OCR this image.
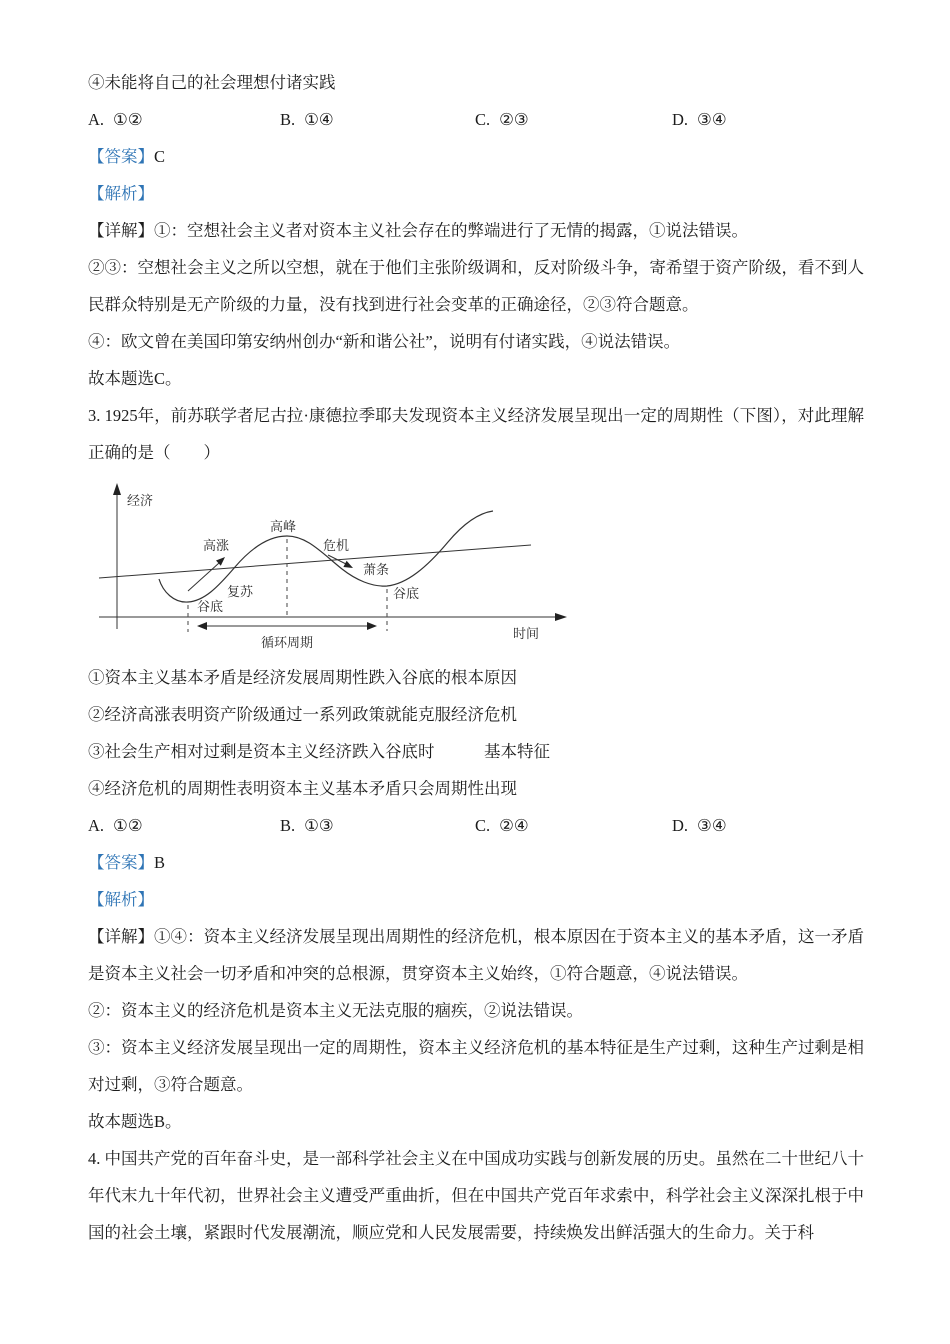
④未能将自己的社会理想付诸实践

A. ①②	B. ①④	C. ②③	D. ③④

【答案】C

【解析】

【详解】①：空想社会主义者对资本主义社会存在的弊端进行了无情的揭露，①说法错误。

②③：空想社会主义之所以空想，就在于他们主张阶级调和，反对阶级斗争，寄希望于资产阶级，看不到人民群众特别是无产阶级的力量，没有找到进行社会变革的正确途径，②③符合题意。

④：欧文曾在美国印第安纳州创办“新和谐公社”，说明有付诸实践，④说法错误。

故本题选C。

3. 1925年，前苏联学者尼古拉·康德拉季耶夫发现资本主义经济发展呈现出一定的周期性（下图），对此理解正确的是（　　）

经济
高涨
高峰
危机
萧条
复苏
谷底
谷底
时间
循环周期

①资本主义基本矛盾是经济发展周期性跌入谷底的根本原因

②经济高涨表明资产阶级通过一系列政策就能克服经济危机

③社会生产相对过剩是资本主义经济跌入谷底时　　　基本特征

④经济危机的周期性表明资本主义基本矛盾只会周期性出现

A. ①②	B. ①③	C. ②④	D. ③④

【答案】B

【解析】

【详解】①④：资本主义经济发展呈现出周期性的经济危机，根本原因在于资本主义的基本矛盾，这一矛盾是资本主义社会一切矛盾和冲突的总根源，贯穿资本主义始终，①符合题意，④说法错误。

②：资本主义的经济危机是资本主义无法克服的痼疾，②说法错误。

③：资本主义经济发展呈现出一定的周期性，资本主义经济危机的基本特征是生产过剩，这种生产过剩是相对过剩，③符合题意。

故本题选B。

4. 中国共产党的百年奋斗史，是一部科学社会主义在中国成功实践与创新发展的历史。虽然在二十世纪八十年代末九十年代初，世界社会主义遭受严重曲折，但在中国共产党百年求索中，科学社会主义深深扎根于中国的社会土壤，紧跟时代发展潮流，顺应党和人民发展需要，持续焕发出鲜活强大的生命力。关于科
